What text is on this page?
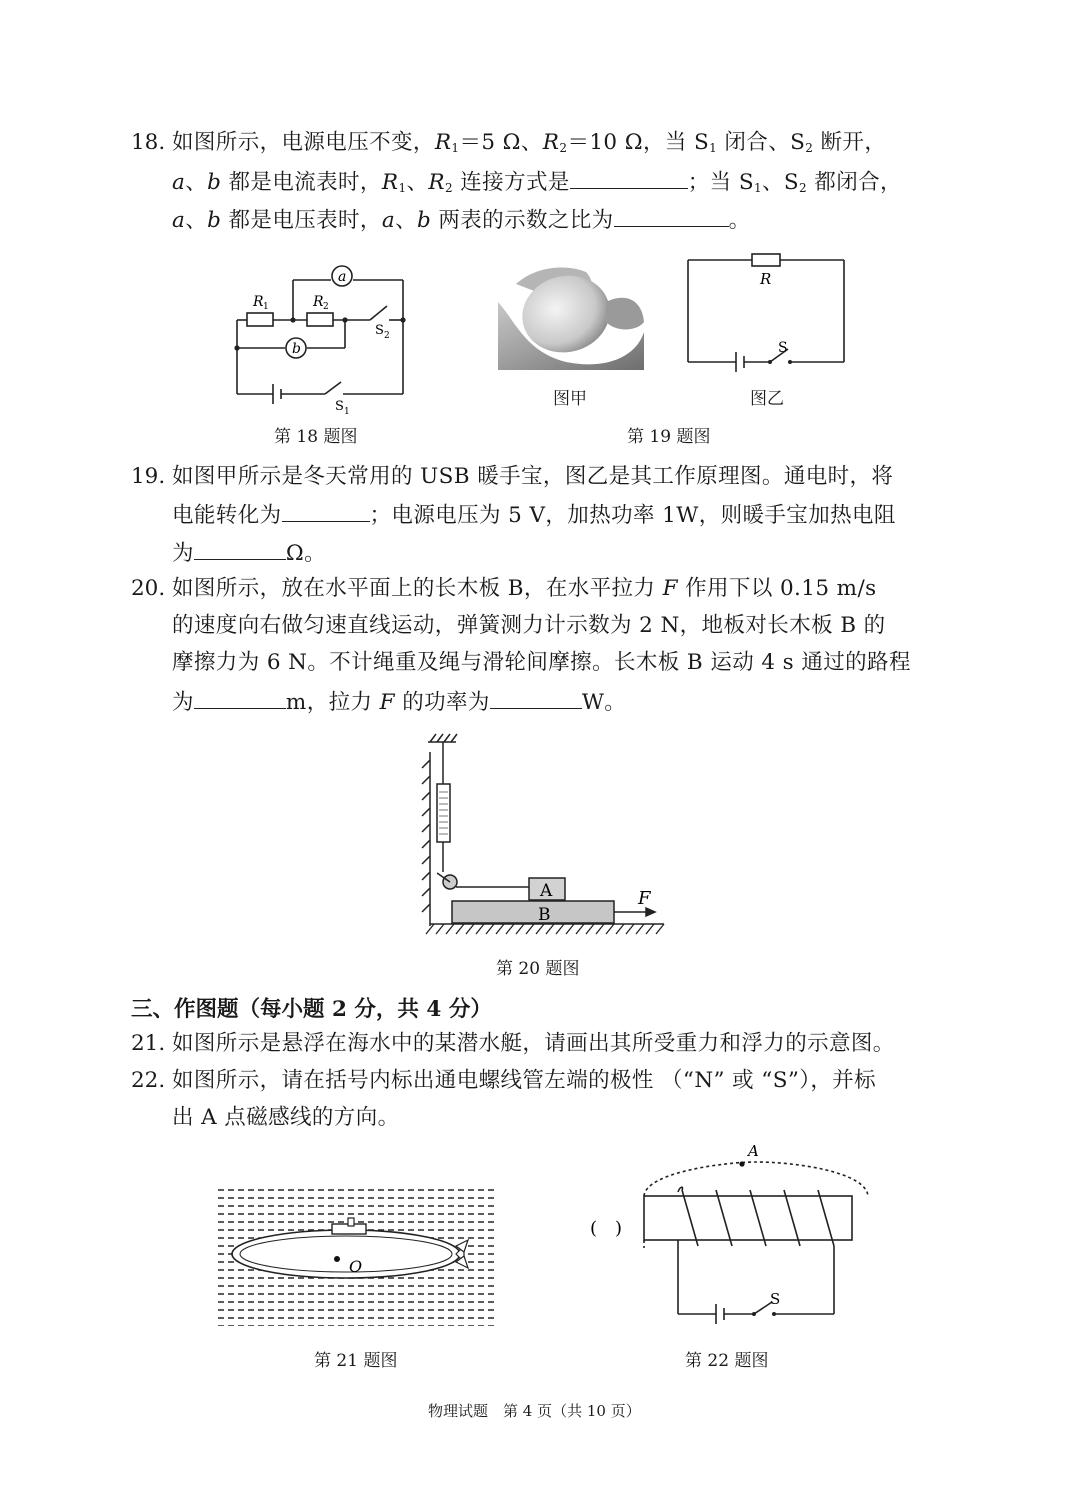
18. 如图所示，电源电压不变，$R_1=5$ Ω、$R_2=10$ Ω，当 $S_1$ 闭合、$S_2$ 断开，
a、b 都是电流表时，$R_1$、$R_2$ 连接方式是	；当 $S_1$、$S_2$ 都闭合，
a、b 都是电压表时，a、b 两表的示数之比为	。
a
b
R 1	R 2
S 2
S 1
第 18 题图
图甲
R
S
图乙
第 19 题图
19. 如图甲所示是冬天常用的 USB 暖手宝，图乙是其工作原理图。通电时，将
电能转化为	；电源电压为 5 V，加热功率 1W，则暖手宝加热电阻
为	Ω。
20. 如图所示，放在水平面上的长木板 B，在水平拉力 F 作用下以 0.15 m/s
的速度向右做匀速直线运动，弹簧测力计示数为 2 N，地板对长木板 B 的
摩擦力为 6 N。不计绳重及绳与滑轮间摩擦。长木板 B 运动 4 s 通过的路程
为	m，拉力 F 的功率为	W。
A
B
F
第 20 题图
三、作图题（每小题 2 分，共 4 分）
21. 如图所示是悬浮在海水中的某潜水艇，请画出其所受重力和浮力的示意图。
22. 如图所示，请在括号内标出通电螺线管左端的极性 （“N” 或 “S”），并标
出 A 点磁感线的方向。
O
第 21 题图
A
S
(　)
第 22 题图
物理试题　第 4 页（共 10 页）
